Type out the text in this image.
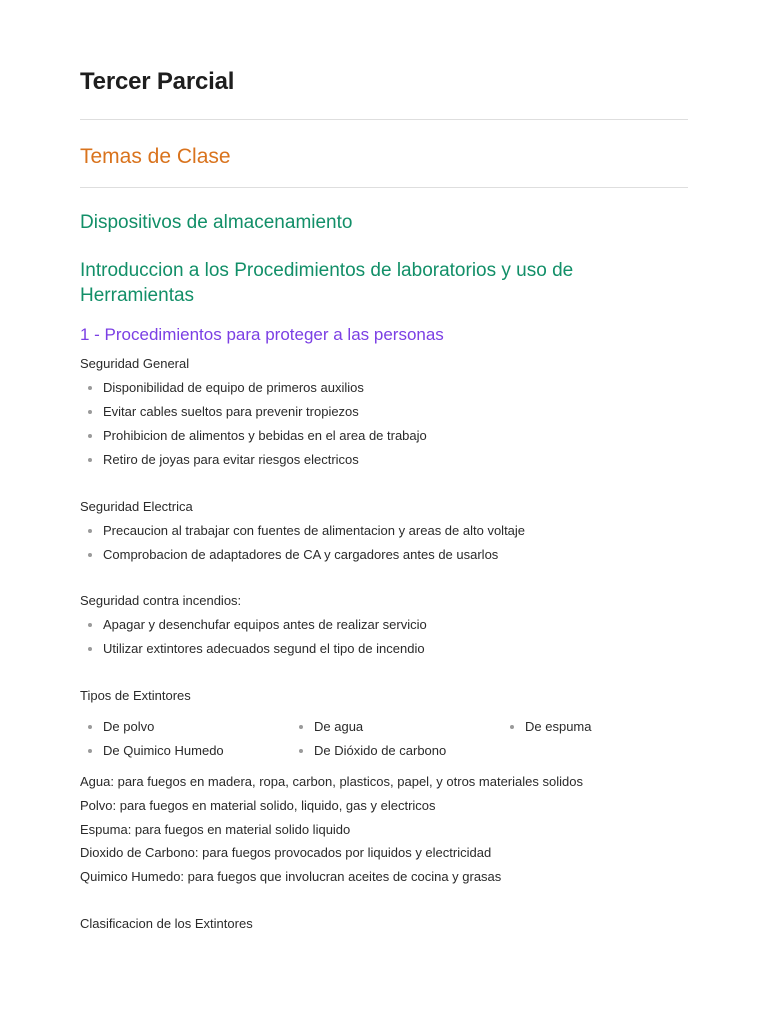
Tercer Parcial
Temas de Clase
Dispositivos de almacenamiento
Introduccion a los Procedimientos de laboratorios y uso de Herramientas
1 - Procedimientos para proteger a las personas
Seguridad General
Disponibilidad de equipo de primeros auxilios
Evitar cables sueltos para prevenir tropiezos
Prohibicion de alimentos y bebidas en el area de trabajo
Retiro de joyas para evitar riesgos electricos
Seguridad Electrica
Precaucion al trabajar con fuentes de alimentacion y areas de alto voltaje
Comprobacion de adaptadores de CA y cargadores antes de usarlos
Seguridad contra incendios:
Apagar y desenchufar equipos antes de realizar servicio
Utilizar extintores adecuados segund el tipo de incendio
Tipos de Extintores
De polvo	De agua	De espuma
De Quimico Humedo	De Dióxido de carbono
Agua: para fuegos en madera, ropa, carbon, plasticos, papel, y otros materiales solidos
Polvo: para fuegos en material solido, liquido, gas y electricos
Espuma: para fuegos en material solido liquido
Dioxido de Carbono: para fuegos provocados por liquidos y electricidad
Quimico Humedo: para fuegos que involucran aceites de cocina y grasas
Clasificacion de los Extintores
